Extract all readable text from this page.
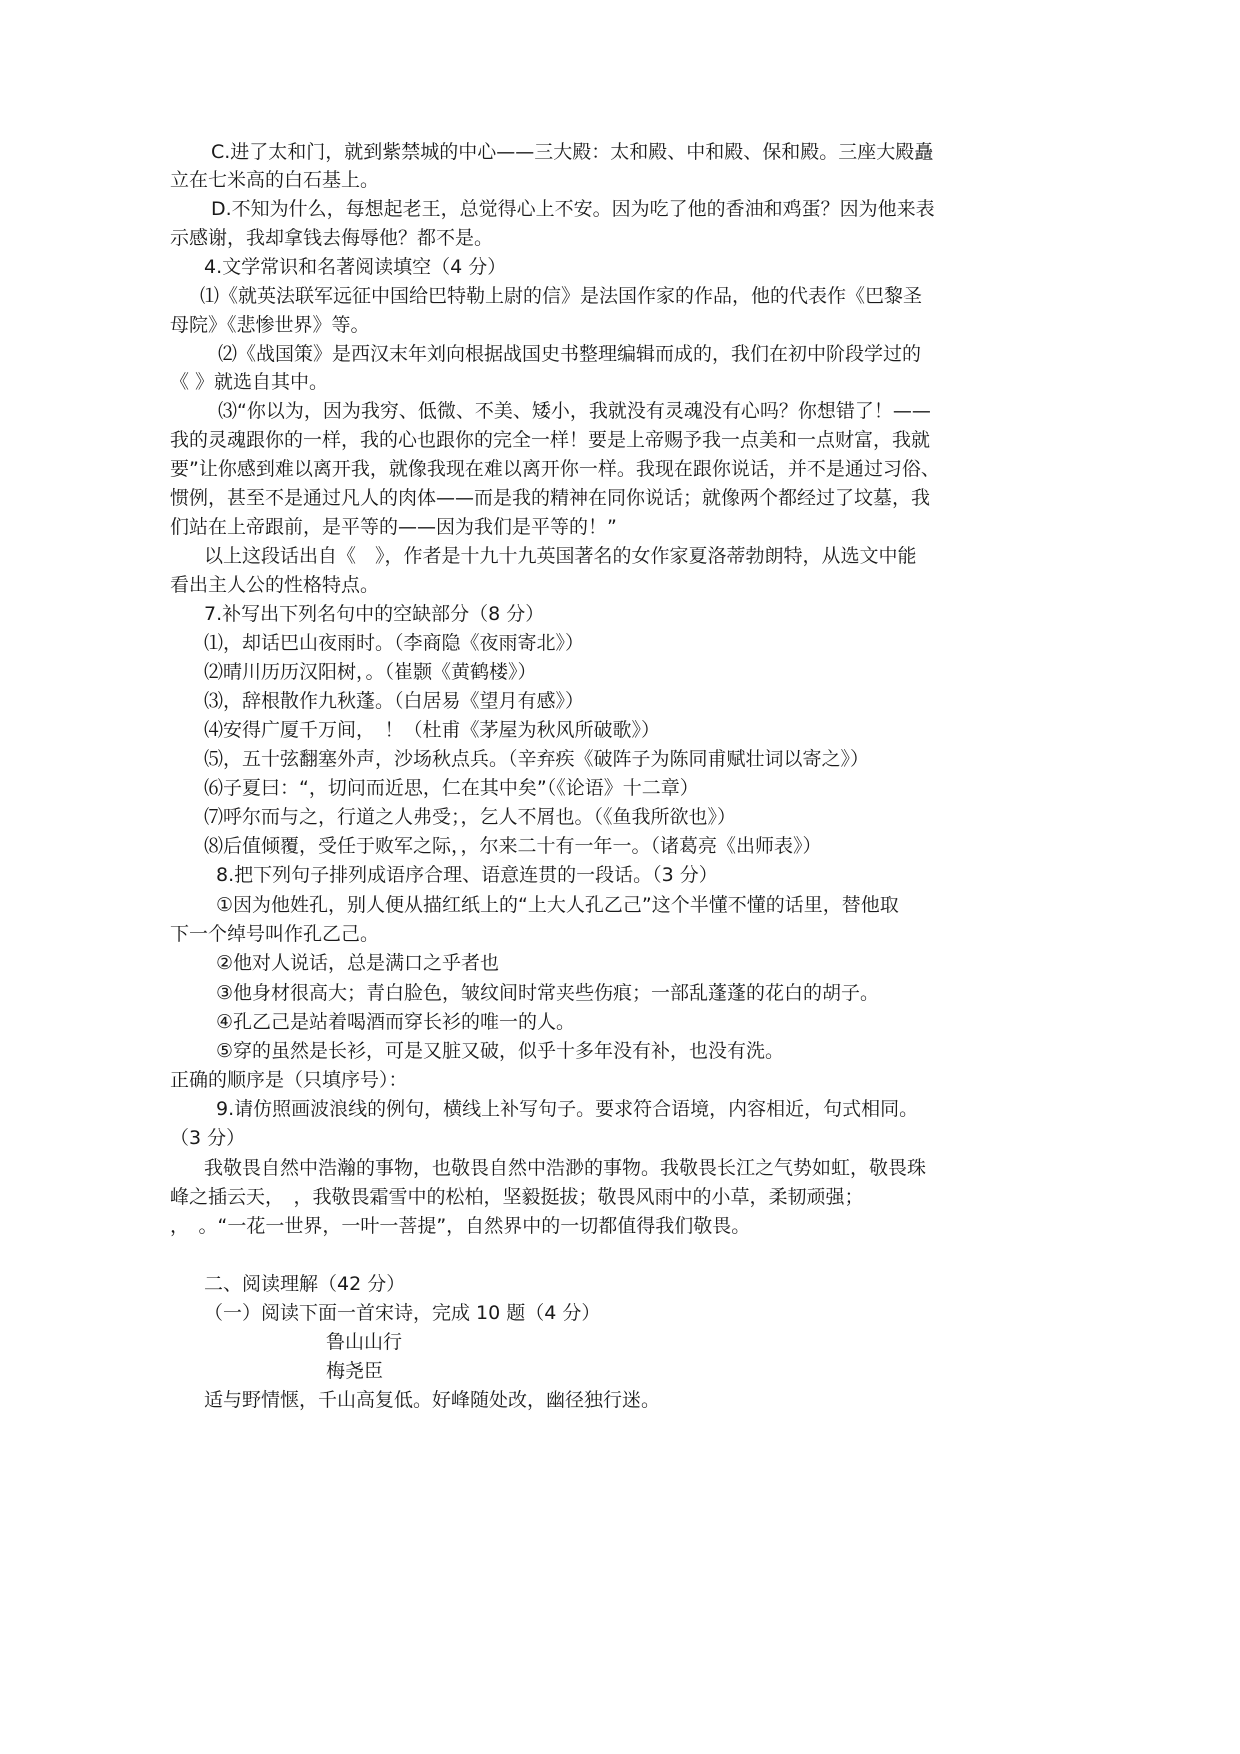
C.进了太和门，就到紫禁城的中心——三大殿：太和殿、中和殿、保和殿。三座大殿矗
立在七米高的白石基上。
D.不知为什么，每想起老王，总觉得心上不安。因为吃了他的香油和鸡蛋？因为他来表
示感谢，我却拿钱去侮辱他？都不是。
4.文学常识和名著阅读填空（4 分）
⑴《就英法联军远征中国给巴特勒上尉的信》是法国作家的作品，他的代表作《巴黎圣
母院》《悲惨世界》等。
⑵《战国策》是西汉末年刘向根据战国史书整理编辑而成的，我们在初中阶段学过的
《 》就选自其中。
⑶“你以为，因为我穷、低微、不美、矮小，我就没有灵魂没有心吗？你想错了！——
我的灵魂跟你的一样，我的心也跟你的完全一样！要是上帝赐予我一点美和一点财富，我就
要”让你感到难以离开我，就像我现在难以离开你一样。我现在跟你说话，并不是通过习俗、
惯例，甚至不是通过凡人的肉体——而是我的精神在同你说话；就像两个都经过了坟墓，我
们站在上帝跟前，是平等的——因为我们是平等的！”
以上这段话出自《　》，作者是十九十九英国著名的女作家夏洛蒂勃朗特，从选文中能
看出主人公的性格特点。
7.补写出下列名句中的空缺部分（8 分）
⑴，却话巴山夜雨时。（李商隐《夜雨寄北》）
⑵晴川历历汉阳树，。（崔颢《黄鹤楼》）
⑶，辞根散作九秋蓬。（白居易《望月有感》）
⑷安得广厦千万间，　！（杜甫《茅屋为秋风所破歌》）
⑸，五十弦翻塞外声，沙场秋点兵。（辛弃疾《破阵子为陈同甫赋壮词以寄之》）
⑹子夏曰：“，切问而近思，仁在其中矣”（《论语》十二章）
⑺呼尔而与之，行道之人弗受；，乞人不屑也。（《鱼我所欲也》）
⑻后值倾覆，受任于败军之际，，尔来二十有一年一。（诸葛亮《出师表》）
8.把下列句子排列成语序合理、语意连贯的一段话。（3 分）
①因为他姓孔，别人便从描红纸上的“上大人孔乙己”这个半懂不懂的话里，替他取
下一个绰号叫作孔乙己。
②他对人说话，总是满口之乎者也
③他身材很高大；青白脸色，皱纹间时常夹些伤痕；一部乱蓬蓬的花白的胡子。
④孔乙己是站着喝酒而穿长衫的唯一的人。
⑤穿的虽然是长衫，可是又脏又破，似乎十多年没有补，也没有洗。
正确的顺序是（只填序号）：
9.请仿照画波浪线的例句，横线上补写句子。要求符合语境，内容相近，句式相同。
（3 分）
我敬畏自然中浩瀚的事物，也敬畏自然中浩渺的事物。我敬畏长江之气势如虹，敬畏珠
峰之插云天，　，我敬畏霜雪中的松柏，坚毅挺拔；敬畏风雨中的小草，柔韧顽强；
，　。“一花一世界，一叶一菩提”，自然界中的一切都值得我们敬畏。
二、阅读理解（42 分）
（一）阅读下面一首宋诗，完成 10 题（4 分）
鲁山山行
梅尧臣
适与野情惬，千山高复低。好峰随处改，幽径独行迷。
